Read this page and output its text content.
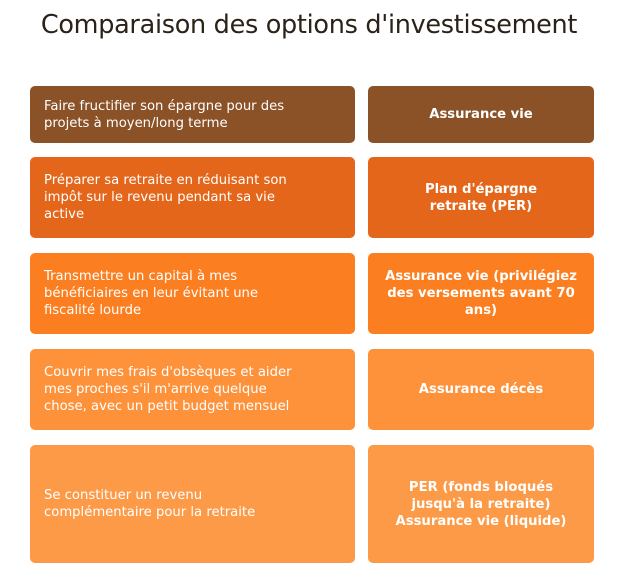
Comparaison des options d'investissement
Faire fructifier son épargne pour des
projets à moyen/long terme
Assurance vie
Préparer sa retraite en réduisant son
impôt sur le revenu pendant sa vie
active
Plan d'épargne
retraite (PER)
Transmettre un capital à mes
bénéficiaires en leur évitant une
fiscalité lourde
Assurance vie (privilégiez
des versements avant 70
ans)
Couvrir mes frais d'obsèques et aider
mes proches s'il m'arrive quelque
chose, avec un petit budget mensuel
Assurance décès
Se constituer un revenu
complémentaire pour la retraite
PER (fonds bloqués
jusqu'à la retraite)
Assurance vie (liquide)
